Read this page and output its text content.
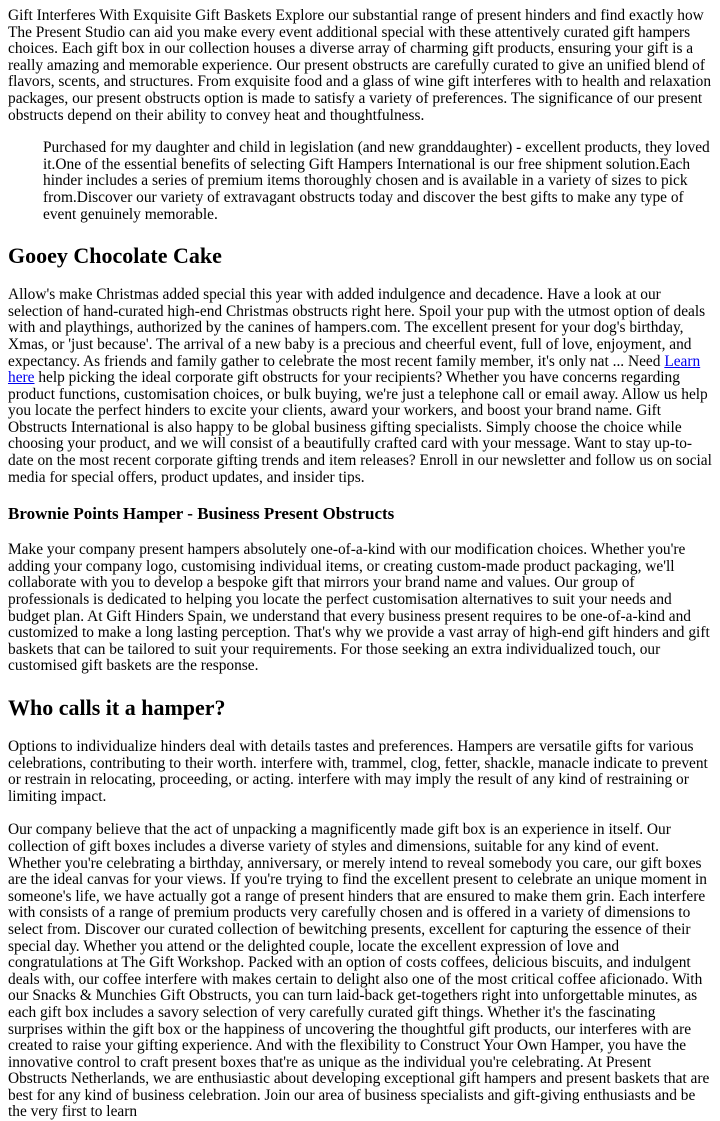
Gift Interferes With Exquisite Gift Baskets Explore our substantial range of present hinders and find exactly how The Present Studio can aid you make every event additional special with these attentively curated gift hampers choices. Each gift box in our collection houses a diverse array of charming gift products, ensuring your gift is a really amazing and memorable experience. Our present obstructs are carefully curated to give an unified blend of flavors, scents, and structures. From exquisite food and a glass of wine gift interferes with to health and relaxation packages, our present obstructs option is made to satisfy a variety of preferences. The significance of our present obstructs depend on their ability to convey heat and thoughtfulness.

Purchased for my daughter and child in legislation (and new granddaughter) - excellent products, they loved it.One of the essential benefits of selecting Gift Hampers International is our free shipment solution.Each hinder includes a series of premium items thoroughly chosen and is available in a variety of sizes to pick from.Discover our variety of extravagant obstructs today and discover the best gifts to make any type of event genuinely memorable.

Gooey Chocolate Cake

Allow's make Christmas added special this year with added indulgence and decadence. Have a look at our selection of hand-curated high-end Christmas obstructs right here. Spoil your pup with the utmost option of deals with and playthings, authorized by the canines of hampers.com. The excellent present for your dog's birthday, Xmas, or 'just because'. The arrival of a new baby is a precious and cheerful event, full of love, enjoyment, and expectancy. As friends and family gather to celebrate the most recent family member, it's only nat ... Need Learn here help picking the ideal corporate gift obstructs for your recipients? Whether you have concerns regarding product functions, customisation choices, or bulk buying, we're just a telephone call or email away. Allow us help you locate the perfect hinders to excite your clients, award your workers, and boost your brand name. Gift Obstructs International is also happy to be global business gifting specialists. Simply choose the choice while choosing your product, and we will consist of a beautifully crafted card with your message. Want to stay up-to-date on the most recent corporate gifting trends and item releases? Enroll in our newsletter and follow us on social media for special offers, product updates, and insider tips.

Brownie Points Hamper - Business Present Obstructs

Make your company present hampers absolutely one-of-a-kind with our modification choices. Whether you're adding your company logo, customising individual items, or creating custom-made product packaging, we'll collaborate with you to develop a bespoke gift that mirrors your brand name and values. Our group of professionals is dedicated to helping you locate the perfect customisation alternatives to suit your needs and budget plan. At Gift Hinders Spain, we understand that every business present requires to be one-of-a-kind and customized to make a long lasting perception. That's why we provide a vast array of high-end gift hinders and gift baskets that can be tailored to suit your requirements. For those seeking an extra individualized touch, our customised gift baskets are the response.

Who calls it a hamper?

Options to individualize hinders deal with details tastes and preferences. Hampers are versatile gifts for various celebrations, contributing to their worth. interfere with, trammel, clog, fetter, shackle, manacle indicate to prevent or restrain in relocating, proceeding, or acting. interfere with may imply the result of any kind of restraining or limiting impact.

Our company believe that the act of unpacking a magnificently made gift box is an experience in itself. Our collection of gift boxes includes a diverse variety of styles and dimensions, suitable for any kind of event. Whether you're celebrating a birthday, anniversary, or merely intend to reveal somebody you care, our gift boxes are the ideal canvas for your views. If you're trying to find the excellent present to celebrate an unique moment in someone's life, we have actually got a range of present hinders that are ensured to make them grin. Each interfere with consists of a range of premium products very carefully chosen and is offered in a variety of dimensions to select from. Discover our curated collection of bewitching presents, excellent for capturing the essence of their special day. Whether you attend or the delighted couple, locate the excellent expression of love and congratulations at The Gift Workshop. Packed with an option of costs coffees, delicious biscuits, and indulgent deals with, our coffee interfere with makes certain to delight also one of the most critical coffee aficionado. With our Snacks & Munchies Gift Obstructs, you can turn laid-back get-togethers right into unforgettable minutes, as each gift box includes a savory selection of very carefully curated gift things. Whether it's the fascinating surprises within the gift box or the happiness of uncovering the thoughtful gift products, our interferes with are created to raise your gifting experience. And with the flexibility to Construct Your Own Hamper, you have the innovative control to craft present boxes that're as unique as the individual you're celebrating. At Present Obstructs Netherlands, we are enthusiastic about developing exceptional gift hampers and present baskets that are best for any kind of business celebration. Join our area of business specialists and gift-giving enthusiasts and be the very first to learn
